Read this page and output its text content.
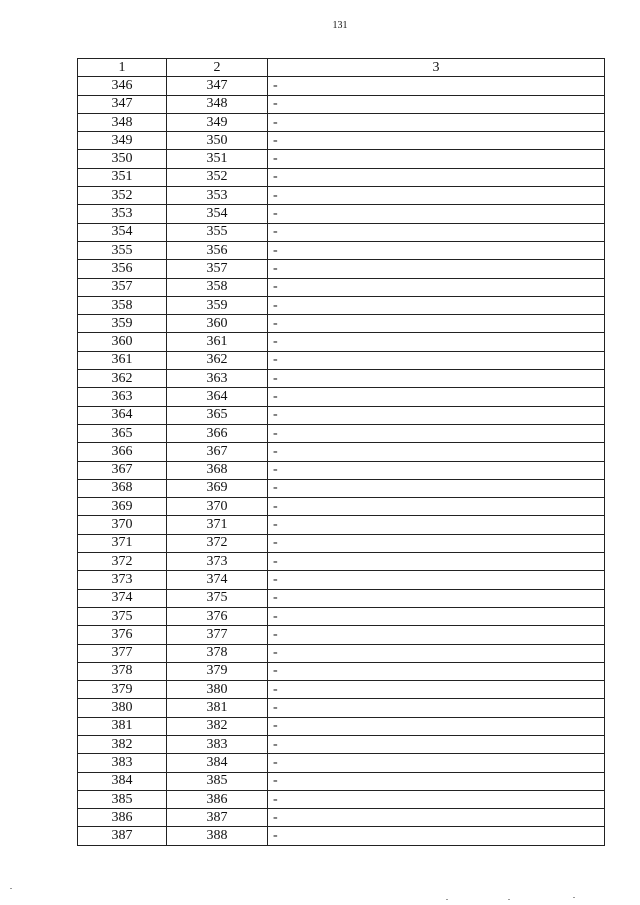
131
1	2	3
346	347	-
347	348	-
348	349	-
349	350	-
350	351	-
351	352	-
352	353	-
353	354	-
354	355	-
355	356	-
356	357	-
357	358	-
358	359	-
359	360	-
360	361	-
361	362	-
362	363	-
363	364	-
364	365	-
365	366	-
366	367	-
367	368	-
368	369	-
369	370	-
370	371	-
371	372	-
372	373	-
373	374	-
374	375	-
375	376	-
376	377	-
377	378	-
378	379	-
379	380	-
380	381	-
381	382	-
382	383	-
383	384	-
384	385	-
385	386	-
386	387	-
387	388	-
